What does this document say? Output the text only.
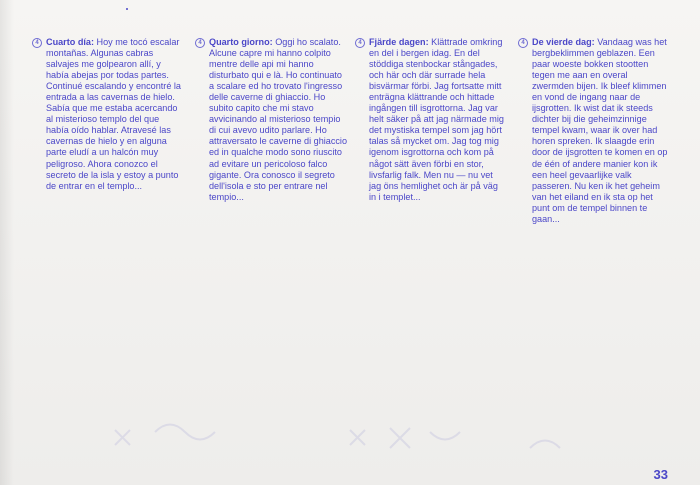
4 Cuarto día: Hoy me tocó escalar montañas. Algunas cabras salvajes me golpearon allí, y había abejas por todas partes. Continué escalando y encontré la entrada a las cavernas de hielo. Sabía que me estaba acercando al misterioso templo del que había oído hablar. Atravesé las cavernas de hielo y en alguna parte eludí a un halcón muy peligroso. Ahora conozco el secreto de la isla y estoy a punto de entrar en el templo...

4 Quarto giorno: Oggi ho scalato. Alcune capre mi hanno colpito mentre delle api mi hanno disturbato qui e là. Ho continuato a scalare ed ho trovato l'ingresso delle caverne di ghiaccio. Ho subito capito che mi stavo avvicinando al misterioso tempio di cui avevo udito parlare. Ho attraversato le caverne di ghiaccio ed in qualche modo sono riuscito ad evitare un pericoloso falco gigante. Ora conosco il segreto dell'isola e sto per entrare nel tempio...

4 Fjärde dagen: Klättrade omkring en del i bergen idag. En del stöddiga stenbockar stångades, och här och där surrade hela bisvärmar förbi. Jag fortsatte mitt enträgna klättrande och hittade ingången till isgrottorna. Jag var helt säker på att jag närmade mig det mystiska tempel som jag hört talas så mycket om. Jag tog mig igenom isgrottorna och kom på något sätt även förbi en stor, livsfarlig falk. Men nu — nu vet jag öns hemlighet och är på väg in i templet...

4 De vierde dag: Vandaag was het bergbeklimmen geblazen. Een paar woeste bokken stootten tegen me aan en overal zwermden bijen. Ik bleef klimmen en vond de ingang naar de ijsgrotten. Ik wist dat ik steeds dichter bij die geheimzinnige tempel kwam, waar ik over had horen spreken. Ik slaagde erin door de ijsgrotten te komen en op de één of andere manier kon ik een heel gevaarlijke valk passeren. Nu ken ik het geheim van het eiland en ik sta op het punt om de tempel binnen te gaan...

33
